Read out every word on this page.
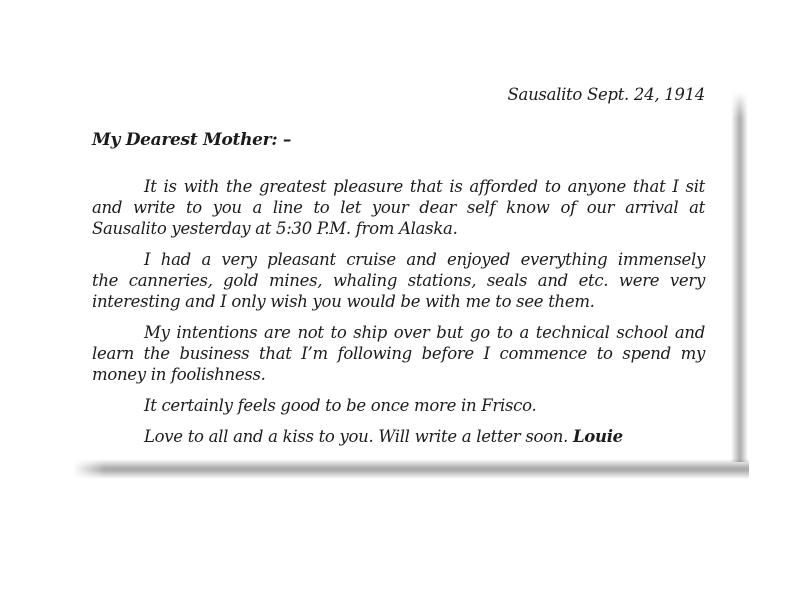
Sausalito Sept. 24, 1914
My Dearest Mother: –
It is with the greatest pleasure that is afforded to anyone that I sit
and write to you a line to let your dear self know of our arrival at
Sausalito yesterday at 5:30 P.M. from Alaska.
I had a very pleasant cruise and enjoyed everything immensely
the canneries, gold mines, whaling stations, seals and etc. were very
interesting and I only wish you would be with me to see them.
My intentions are not to ship over but go to a technical school and
learn the business that I’m following before I commence to spend my
money in foolishness.
It certainly feels good to be once more in Frisco.
Love to all and a kiss to you. Will write a letter soon. Louie
